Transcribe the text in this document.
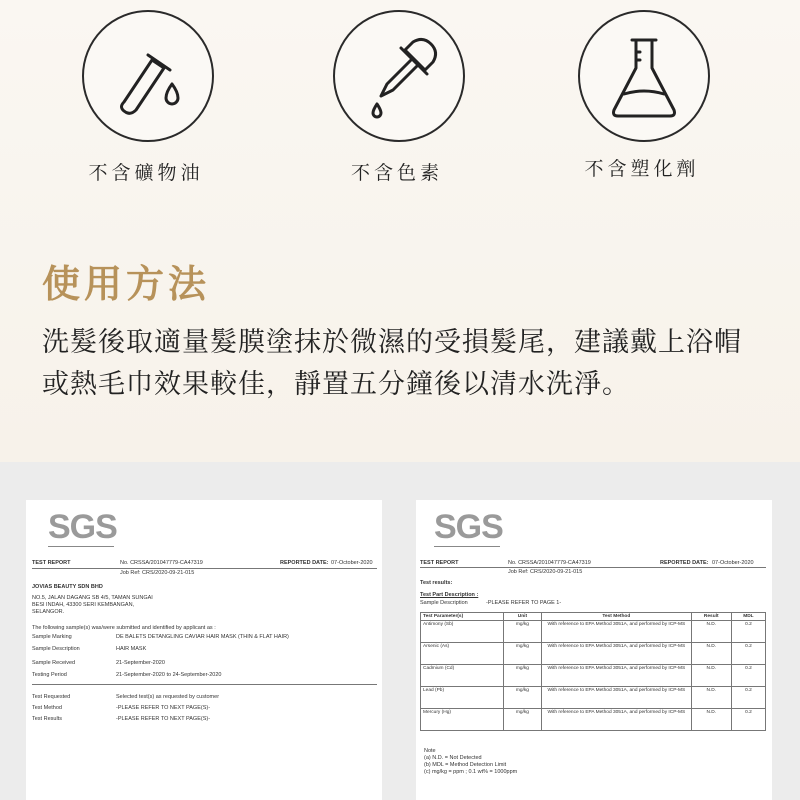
不含礦物油	不含色素	不含塑化劑
使用方法
洗髮後取適量髮膜塗抹於微濕的受損髮尾，建議戴上浴帽或熱毛巾效果較佳，靜置五分鐘後以清水洗淨。
SGS
TEST REPORT	No. CRSSA/201047779-CA47319
Job Ref: CRS/2020-09-21-015
REPORTED DATE: 07-October-2020
JOVIAS BEAUTY SDN BHD
NO.5, JALAN DAGANG SB 4/5, TAMAN SUNGAI
BESI INDAH, 43300 SERI KEMBANGAN,
SELANGOR.
The following sample(s) was/were submitted and identified by applicant as :
Sample Marking	DE BALETS DETANGLING CAVIAR HAIR MASK (THIN & FLAT HAIR)
Sample Description	HAIR MASK
Sample Received	21-September-2020
Testing Period	21-September-2020 to 24-September-2020
Test Requested	Selected test(s) as requested by customer
Test Method	-PLEASE REFER TO NEXT PAGE(S)-
Test Results	-PLEASE REFER TO NEXT PAGE(S)-
SGS
TEST REPORT	No. CRSSA/201047779-CA47319
Job Ref: CRS/2020-09-21-015
REPORTED DATE: 07-October-2020
Test results:
Test Part Description :
Sample Description	-PLEASE REFER TO PAGE 1-
Test Parameter(s)	Unit	Test Method	Result	MDL
Antimony (Sb)	mg/kg	With reference to EPA Method 3051A, and performed by ICP-MS	N.D.	0.2
Arsenic (As)	mg/kg	With reference to EPA Method 3051A, and performed by ICP-MS	N.D.	0.2
Cadmium (Cd)	mg/kg	With reference to EPA Method 3051A, and performed by ICP-MS	N.D.	0.2
Lead (Pb)	mg/kg	With reference to EPA Method 3051A, and performed by ICP-MS	N.D.	0.2
Mercury (Hg)	mg/kg	With reference to EPA Method 3051A, and performed by ICP-MS	N.D.	0.2
Note
(a) N.D. = Not Detected
(b) MDL = Method Detection Limit
(c) mg/kg = ppm ; 0.1 wt% = 1000ppm
